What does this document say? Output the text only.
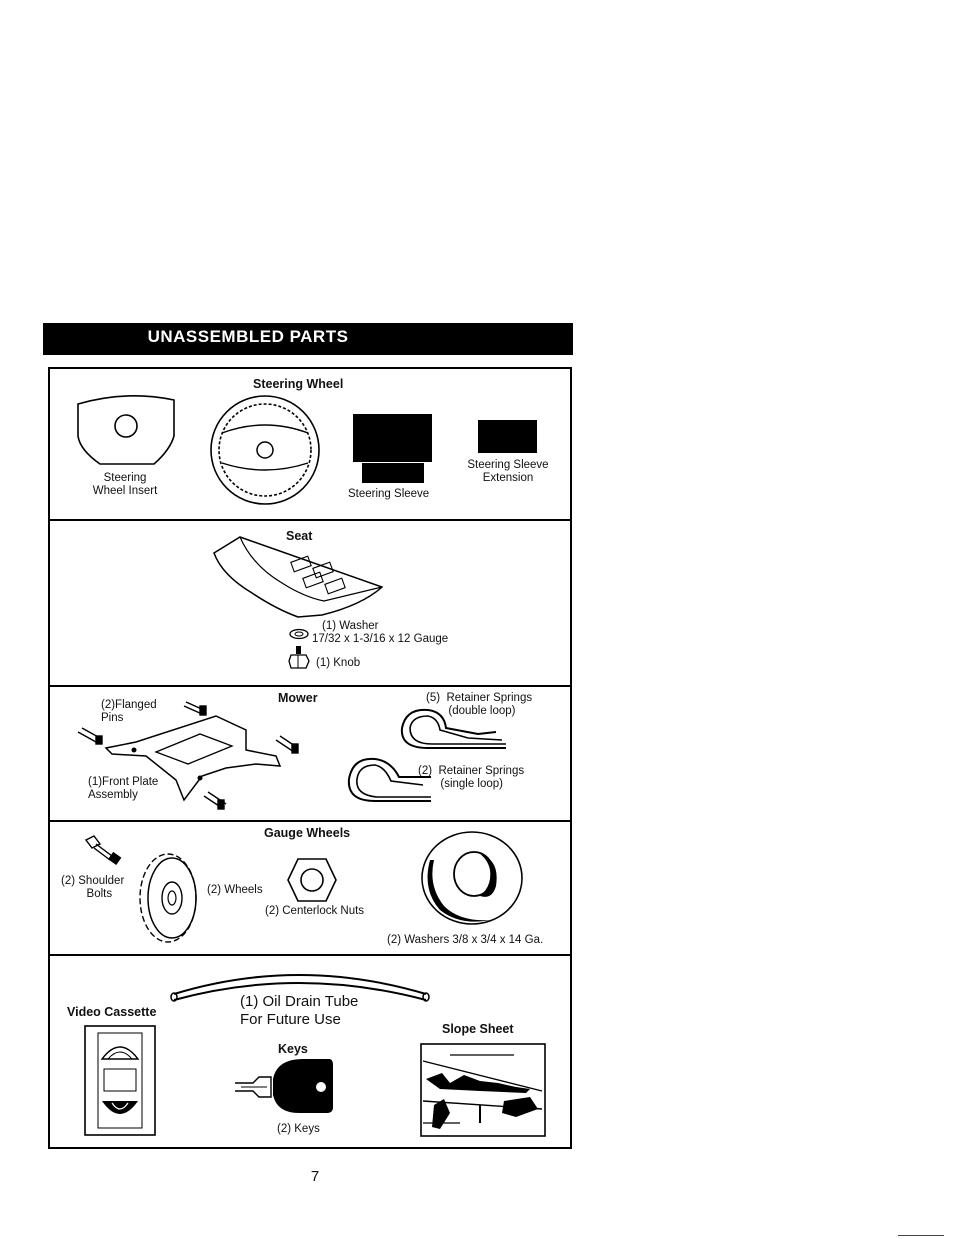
UNASSEMBLED PARTS
Steering Wheel
Steering
Wheel Insert	Steering Sleeve
Steering Sleeve
Extension
Seat
(1) Washer
17/32 x 1-3/16 x 12 Gauge
(1) Knob
Mower
(2)Flanged
Pins
(1)Front Plate
Assembly
(5)  Retainer Springs
(double loop)
(2)  Retainer Springs
(single loop)
Gauge Wheels
(2) Shoulder
Bolts	(2) Wheels
(2) Centerlock Nuts
(2) Washers 3/8 x 3/4 x 14 Ga.
(1) Oil Drain Tube
For Future Use
Video Cassette
Keys
(2) Keys
Slope Sheet
7
